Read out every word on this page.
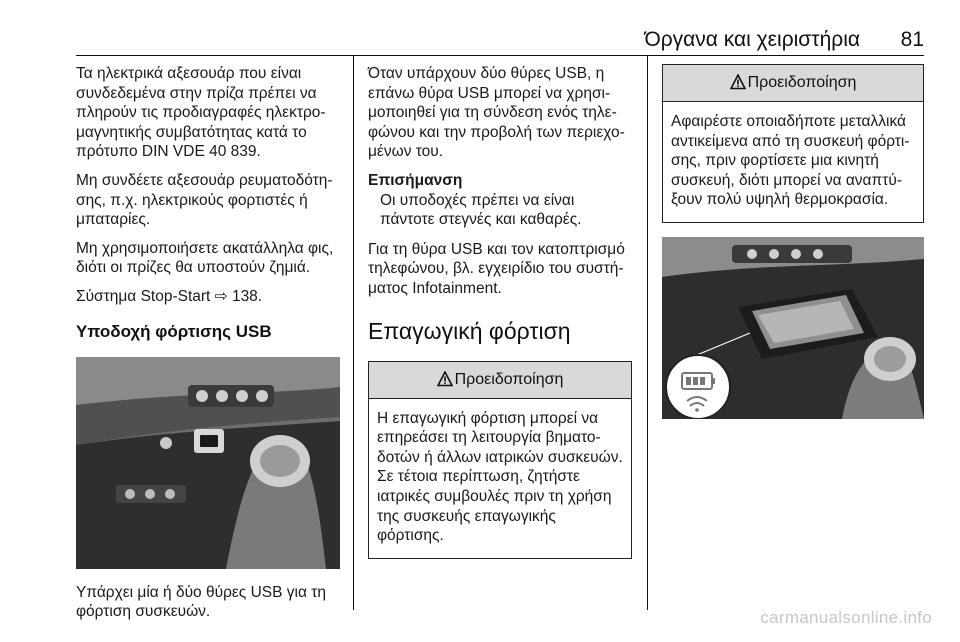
Όργανα και χειριστήρια	81

Τα ηλεκτρικά αξεσουάρ που είναι συνδεδεμένα στην πρίζα πρέπει να πληρούν τις προδιαγραφές ηλεκτρομαγνητικής συμβατότητας κατά το πρότυπο DIN VDE 40 839.

Μη συνδέετε αξεσουάρ ρευματοδότησης, π.χ. ηλεκτρικούς φορτιστές ή μπαταρίες.

Μη χρησιμοποιήσετε ακατάλληλα φις, διότι οι πρίζες θα υποστούν ζημιά.

Σύστημα Stop-Start ⇨ 138.

Υποδοχή φόρτισης USB

Υπάρχει μία ή δύο θύρες USB για τη φόρτιση συσκευών.

Όταν υπάρχουν δύο θύρες USB, η επάνω θύρα USB μπορεί να χρησιμοποιηθεί για τη σύνδεση ενός τηλεφώνου και την προβολή των περιεχομένων του.

Επισήμανση
Οι υποδοχές πρέπει να είναι πάντοτε στεγνές και καθαρές.

Για τη θύρα USB και τον κατοπτρισμό τηλεφώνου, βλ. εγχειρίδιο του συστήματος Infotainment.

Επαγωγική φόρτιση
Προειδοποίηση
Η επαγωγική φόρτιση μπορεί να επηρεάσει τη λειτουργία βηματοδοτών ή άλλων ιατρικών συσκευών. Σε τέτοια περίπτωση, ζητήστε ιατρικές συμβουλές πριν τη χρήση της συσκευής επαγωγικής φόρτισης.
Προειδοποίηση
Αφαιρέστε οποιαδήποτε μεταλλικά αντικείμενα από τη συσκευή φόρτισης, πριν φορτίσετε μια κινητή συσκευή, διότι μπορεί να αναπτύξουν πολύ υψηλή θερμοκρασία.
carmanualsonline.info
